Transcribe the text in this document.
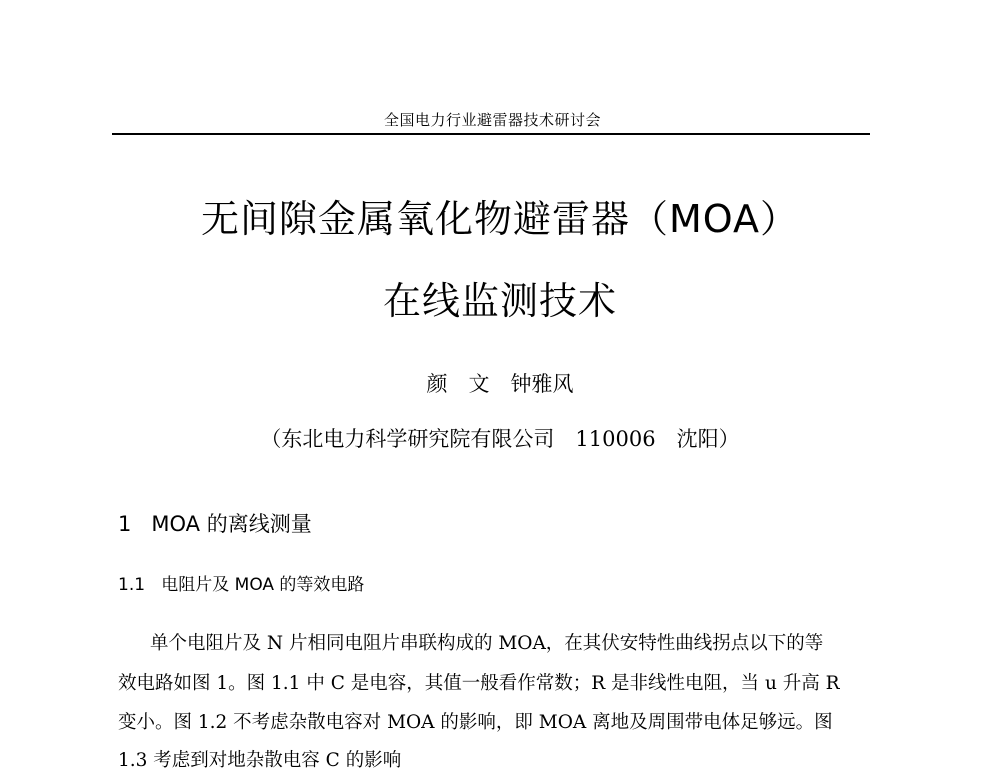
全国电力行业避雷器技术研讨会
无间隙金属氧化物避雷器（MOA）
在线监测技术
颜　文　钟雅风
（东北电力科学研究院有限公司　110006　沈阳）
1   MOA 的离线测量
1.1   电阻片及 MOA 的等效电路
单个电阻片及 N 片相同电阻片串联构成的 MOA，在其伏安特性曲线拐点以下的等
效电路如图 1。图 1.1 中 C 是电容，其值一般看作常数；R 是非线性电阻，当 u 升高 R
变小。图 1.2 不考虑杂散电容对 MOA 的影响，即 MOA 离地及周围带电体足够远。图
1.3 考虑到对地杂散电容 C 的影响
